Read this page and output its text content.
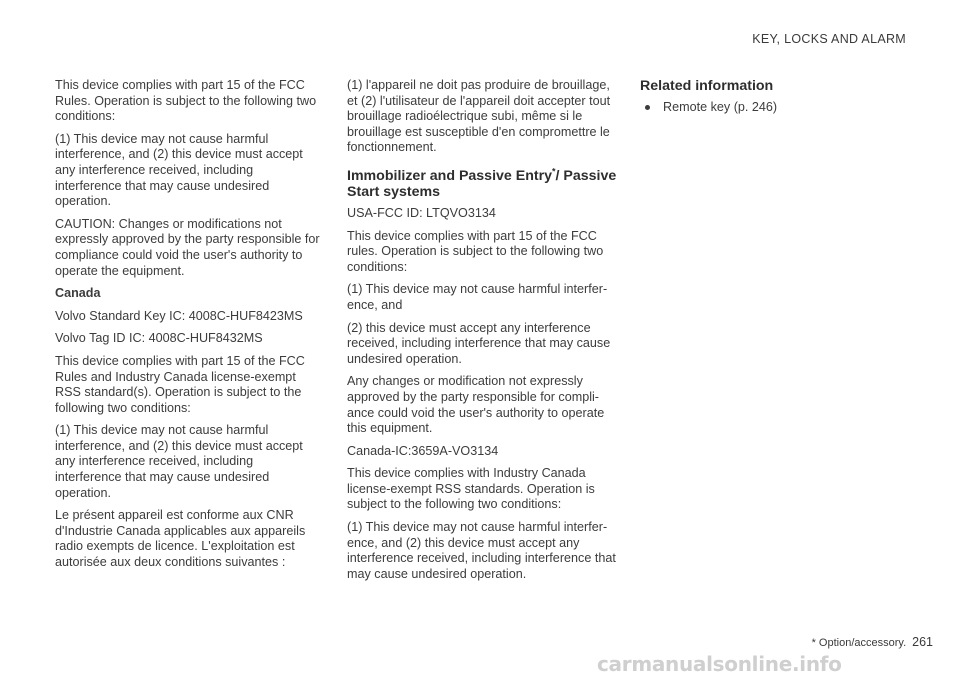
KEY, LOCKS AND ALARM

This device complies with part 15 of the FCC Rules. Operation is subject to the following two conditions:

(1) This device may not cause harmful interference, and (2) this device must accept any interference received, including interference that may cause undesired operation.

CAUTION: Changes or modifications not expressly approved by the party responsible for compliance could void the user's authority to operate the equipment.

Canada

Volvo Standard Key IC: 4008C-HUF8423MS

Volvo Tag ID IC: 4008C-HUF8432MS

This device complies with part 15 of the FCC Rules and Industry Canada license-exempt RSS standard(s). Operation is subject to the following two conditions:

(1) This device may not cause harmful interference, and (2) this device must accept any interference received, including interference that may cause undesired operation.

Le présent appareil est conforme aux CNR d'Industrie Canada applicables aux appareils radio exempts de licence. L'exploitation est autorisée aux deux conditions suivantes :

(1) l'appareil ne doit pas produire de brouillage, et (2) l'utilisateur de l'appareil doit accepter tout brouillage radioélectrique subi, même si le brouillage est susceptible d'en compromettre le fonctionnement.

Immobilizer and Passive Entry*/ Passive Start systems

USA-FCC ID: LTQVO3134

This device complies with part 15 of the FCC rules. Operation is subject to the following two conditions:

(1) This device may not cause harmful interfer-ence, and

(2) this device must accept any interference received, including interference that may cause undesired operation.

Any changes or modification not expressly approved by the party responsible for compli-ance could void the user's authority to operate this equipment.

Canada-IC:3659A-VO3134

This device complies with Industry Canada license-exempt RSS standards. Operation is subject to the following two conditions:

(1) This device may not cause harmful interfer-ence, and (2) this device must accept any interference received, including interference that may cause undesired operation.

Related information
Remote key (p. 246)
* Option/accessory. 261
carmanualsonline.info
